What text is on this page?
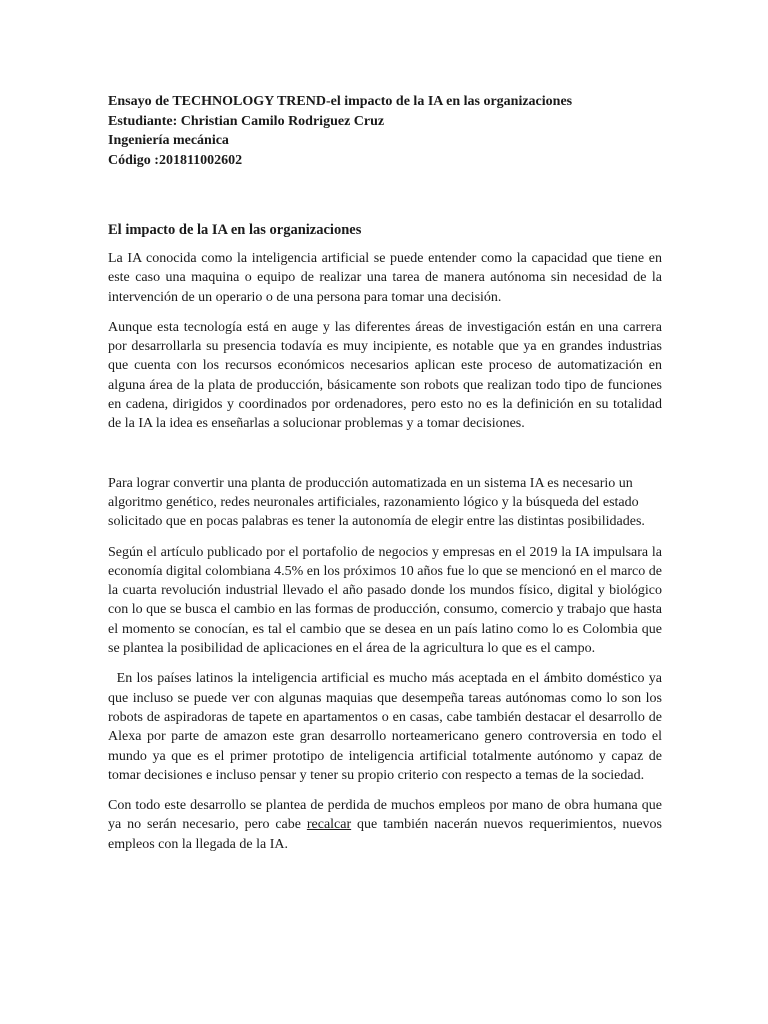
Ensayo de TECHNOLOGY TREND-el impacto de la IA en las organizaciones
Estudiante: Christian Camilo Rodriguez Cruz
Ingeniería mecánica
Código :201811002602
El impacto de la IA en las organizaciones

La IA conocida como la inteligencia artificial se puede entender como la capacidad que tiene en este caso una maquina o equipo de realizar una tarea de manera autónoma sin necesidad de la intervención de un operario o de una persona para tomar una decisión.

Aunque esta tecnología está en auge y las diferentes áreas de investigación están en una carrera por desarrollarla su presencia todavía es muy incipiente, es notable que ya en grandes industrias que cuenta con los recursos económicos necesarios aplican este proceso de automatización en alguna área de la plata de producción, básicamente son robots que realizan todo tipo de funciones en cadena, dirigidos y coordinados por ordenadores, pero esto no es la definición en su totalidad de la IA la idea es enseñarlas a solucionar problemas y a tomar decisiones.

Para lograr convertir una planta de producción automatizada en un sistema IA es necesario un algoritmo genético, redes neuronales artificiales, razonamiento lógico y la búsqueda del estado solicitado que en pocas palabras es tener la autonomía de elegir entre las distintas posibilidades.

Según el artículo publicado por el portafolio de negocios y empresas en el 2019 la IA impulsara la economía digital colombiana 4.5% en los próximos 10 años fue lo que se mencionó en el marco de la cuarta revolución industrial llevado el año pasado donde los mundos físico, digital y biológico con lo que se busca el cambio en las formas de producción, consumo, comercio y trabajo que hasta el momento se conocían, es tal el cambio que se desea en un país latino como lo es Colombia que se plantea la posibilidad de aplicaciones en el área de la agricultura lo que es el campo.

En los países latinos la inteligencia artificial es mucho más aceptada en el ámbito doméstico ya que incluso se puede ver con algunas maquias que desempeña tareas autónomas como lo son los robots de aspiradoras de tapete en apartamentos o en casas, cabe también destacar el desarrollo de Alexa por parte de amazon este gran desarrollo norteamericano genero controversia en todo el mundo ya que es el primer prototipo de inteligencia artificial totalmente autónomo y capaz de tomar decisiones e incluso pensar y tener su propio criterio con respecto a temas de la sociedad.

Con todo este desarrollo se plantea de perdida de muchos empleos por mano de obra humana que ya no serán necesario, pero cabe recalcar que también nacerán nuevos requerimientos, nuevos empleos con la llegada de la IA.
